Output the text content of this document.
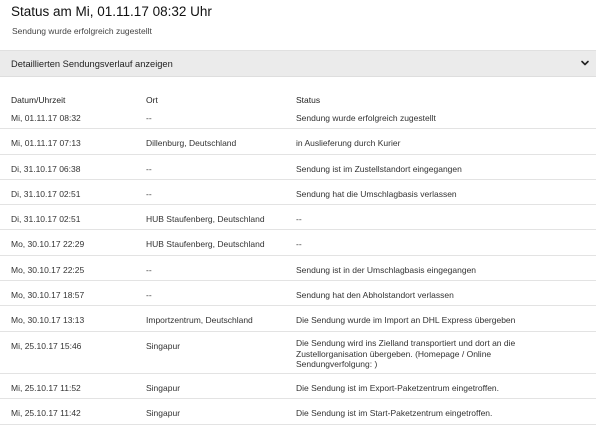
Status am Mi, 01.11.17 08:32 Uhr
Sendung wurde erfolgreich zugestellt
Detaillierten Sendungsverlauf anzeigen
Datum/Uhrzeit	Ort	Status
Mi, 01.11.17 08:32	--	Sendung wurde erfolgreich zugestellt
Mi, 01.11.17 07:13	Dillenburg, Deutschland	in Auslieferung durch Kurier
Di, 31.10.17 06:38	--	Sendung ist im Zustellstandort eingegangen
Di, 31.10.17 02:51	--	Sendung hat die Umschlagbasis verlassen
Di, 31.10.17 02:51	HUB Staufenberg, Deutschland	--
Mo, 30.10.17 22:29	HUB Staufenberg, Deutschland	--
Mo, 30.10.17 22:25	--	Sendung ist in der Umschlagbasis eingegangen
Mo, 30.10.17 18:57	--	Sendung hat den Abholstandort verlassen
Mo, 30.10.17 13:13	Importzentrum, Deutschland	Die Sendung wurde im Import an DHL Express übergeben
Mi, 25.10.17 15:46	Singapur	Die Sendung wird ins Zielland transportiert und dort an die Zustellorganisation übergeben. (Homepage / Online Sendungverfolgung: )
Mi, 25.10.17 11:52	Singapur	Die Sendung ist im Export-Paketzentrum eingetroffen.
Mi, 25.10.17 11:42	Singapur	Die Sendung ist im Start-Paketzentrum eingetroffen.
